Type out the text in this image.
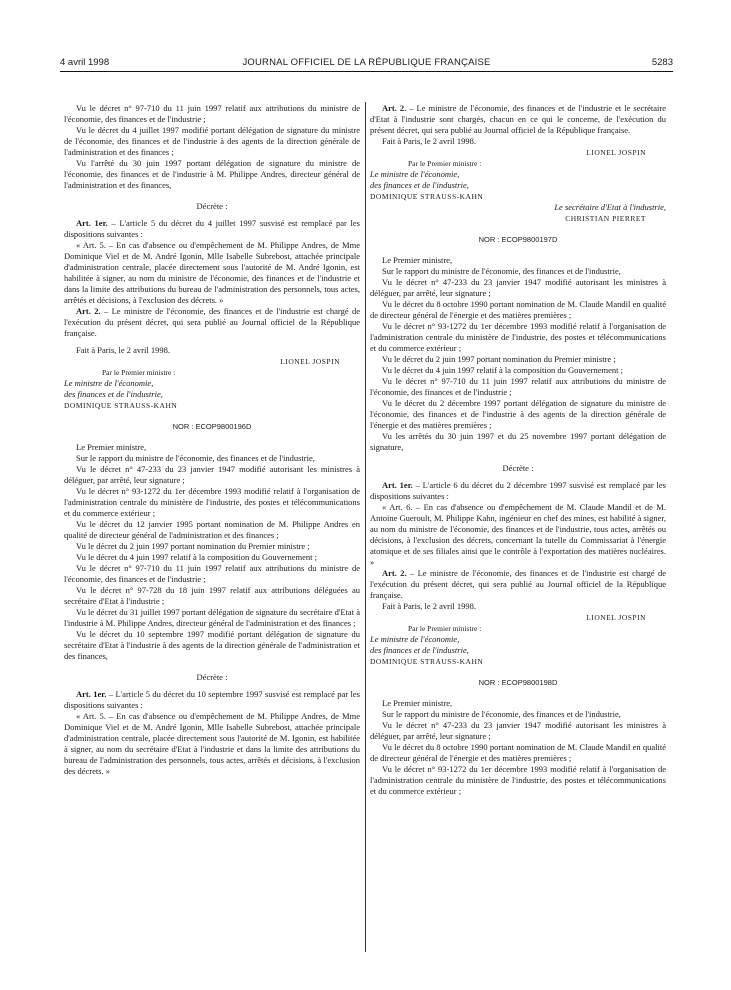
4 avril 1998	JOURNAL OFFICIEL DE LA RÉPUBLIQUE FRANÇAISE	5283

Vu le décret n° 97-710 du 11 juin 1997 relatif aux attributions du ministre de l'économie, des finances et de l'industrie ;

Vu le décret du 4 juillet 1997 modifié portant délégation de signature du ministre de l'économie, des finances et de l'industrie à des agents de la direction générale de l'administration et des finances ;

Vu l'arrêté du 30 juin 1997 portant délégation de signature du ministre de l'économie, des finances et de l'industrie à M. Philippe Andres, directeur général de l'administration et des finances,

Décrète :

Art. 1er. – L'article 5 du décret du 4 juillet 1997 susvisé est remplacé par les dispositions suivantes :

« Art. 5. – En cas d'absence ou d'empêchement de M. Philippe Andres, de Mme Dominique Viel et de M. André Igonin, Mlle Isabelle Subrebost, attachée principale d'administration centrale, placée directement sous l'autorité de M. André Igonin, est habilitée à signer, au nom du ministre de l'économie, des finances et de l'industrie et dans la limite des attributions du bureau de l'administration des personnels, tous actes, arrêtés et décisions, à l'exclusion des décrets. »

Art. 2. – Le ministre de l'économie, des finances et de l'industrie est chargé de l'exécution du présent décret, qui sera publié au Journal officiel de la République française.

Fait à Paris, le 2 avril 1998.

LIONEL JOSPIN

Par le Premier ministre :

Le ministre de l'économie,

des finances et de l'industrie,

DOMINIQUE STRAUSS-KAHN

NOR : ECOP9800196D

Le Premier ministre,

Sur le rapport du ministre de l'économie, des finances et de l'industrie,

Vu le décret n° 47-233 du 23 janvier 1947 modifié autorisant les ministres à déléguer, par arrêté, leur signature ;

Vu le décret n° 93-1272 du 1er décembre 1993 modifié relatif à l'organisation de l'administration centrale du ministère de l'industrie, des postes et télécommunications et du commerce extérieur ;

Vu le décret du 12 janvier 1995 portant nomination de M. Philippe Andres en qualité de directeur général de l'administration et des finances ;

Vu le décret du 2 juin 1997 portant nomination du Premier ministre ;

Vu le décret du 4 juin 1997 relatif à la composition du Gouvernement ;

Vu le décret n° 97-710 du 11 juin 1997 relatif aux attributions du ministre de l'économie, des finances et de l'industrie ;

Vu le décret n° 97-728 du 18 juin 1997 relatif aux attributions déléguées au secrétaire d'Etat à l'industrie ;

Vu le décret du 31 juillet 1997 portant délégation de signature du secrétaire d'Etat à l'industrie à M. Philippe Andres, directeur général de l'administration et des finances ;

Vu le décret du 10 septembre 1997 modifié portant délégation de signature du secrétaire d'Etat à l'industrie à des agents de la direction générale de l'administration et des finances,

Décrète :

Art. 1er. – L'article 5 du décret du 10 septembre 1997 susvisé est remplacé par les dispositions suivantes :

« Art. 5. – En cas d'absence ou d'empêchement de M. Philippe Andres, de Mme Dominique Viel et de M. André Igonin, Mlle Isabelle Subrebost, attachée principale d'administration centrale, placée directement sous l'autorité de M. Igonin, est habilitée à signer, au nom du secrétaire d'Etat à l'industrie et dans la limite des attributions du bureau de l'administration des personnels, tous actes, arrêtés et décisions, à l'exclusion des décrets. »

Art. 2. – Le ministre de l'économie, des finances et de l'industrie et le secrétaire d'Etat à l'industrie sont chargés, chacun en ce qui le concerne, de l'exécution du présent décret, qui sera publié au Journal officiel de la République française.

Fait à Paris, le 2 avril 1998.

LIONEL JOSPIN

Par le Premier ministre :

Le ministre de l'économie,

des finances et de l'industrie,

DOMINIQUE STRAUSS-KAHN

Le secrétaire d'Etat à l'industrie,

CHRISTIAN PIERRET

NOR : ECOP9800197D

Le Premier ministre,

Sur le rapport du ministre de l'économie, des finances et de l'industrie,

Vu le décret n° 47-233 du 23 janvier 1947 modifié autorisant les ministres à déléguer, par arrêté, leur signature ;

Vu le décret du 8 octobre 1990 portant nomination de M. Claude Mandil en qualité de directeur général de l'énergie et des matières premières ;

Vu le décret n° 93-1272 du 1er décembre 1993 modifié relatif à l'organisation de l'administration centrale du ministère de l'industrie, des postes et télécommunications et du commerce extérieur ;

Vu le décret du 2 juin 1997 portant nomination du Premier ministre ;

Vu le décret du 4 juin 1997 relatif à la composition du Gouvernement ;

Vu le décret n° 97-710 du 11 juin 1997 relatif aux attributions du ministre de l'économie, des finances et de l'industrie ;

Vu le décret du 2 décembre 1997 portant délégation de signature du ministre de l'économie, des finances et de l'industrie à des agents de la direction générale de l'énergie et des matières premières ;

Vu les arrêtés du 30 juin 1997 et du 25 novembre 1997 portant délégation de signature,

Décrète :

Art. 1er. – L'article 6 du décret du 2 décembre 1997 susvisé est remplacé par les dispositions suivantes :

« Art. 6. – En cas d'absence ou d'empêchement de M. Claude Mandil et de M. Antoine Gueroult, M. Philippe Kahn, ingénieur en chef des mines, est habilité à signer, au nom du ministre de l'économie, des finances et de l'industrie, tous actes, arrêtés ou décisions, à l'exclusion des décrets, concernant la tutelle du Commissariat à l'énergie atomique et de ses filiales ainsi que le contrôle à l'exportation des matières nucléaires. »

Art. 2. – Le ministre de l'économie, des finances et de l'industrie est chargé de l'exécution du présent décret, qui sera publié au Journal officiel de la République française.

Fait à Paris, le 2 avril 1998.

LIONEL JOSPIN

Par le Premier ministre :

Le ministre de l'économie,

des finances et de l'industrie,

DOMINIQUE STRAUSS-KAHN

NOR : ECOP9800198D

Le Premier ministre,

Sur le rapport du ministre de l'économie, des finances et de l'industrie,

Vu le décret n° 47-233 du 23 janvier 1947 modifié autorisant les ministres à déléguer, par arrêté, leur signature ;

Vu le décret du 8 octobre 1990 portant nomination de M. Claude Mandil en qualité de directeur général de l'énergie et des matières premières ;

Vu le décret n° 93-1272 du 1er décembre 1993 modifié relatif à l'organisation de l'administration centrale du ministère de l'industrie, des postes et télécommunications et du commerce extérieur ;
